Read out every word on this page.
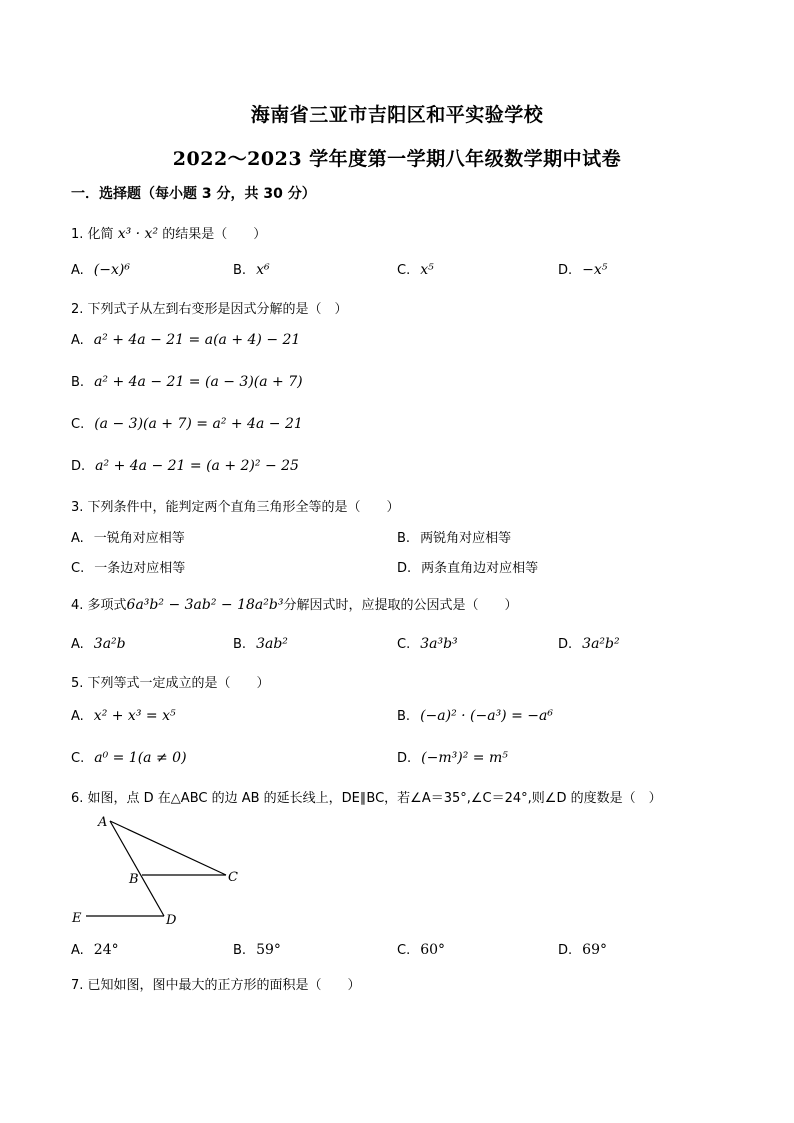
海南省三亚市吉阳区和平实验学校
2022～2023 学年度第一学期八年级数学期中试卷
一．选择题（每小题 3 分，共 30 分）
1. 化简 x³ · x² 的结果是（　　）
A. (−x)⁶	B. x⁶	C. x⁵	D. −x⁵
2. 下列式子从左到右变形是因式分解的是（　）
A. a² + 4a − 21 = a(a + 4) − 21
B. a² + 4a − 21 = (a − 3)(a + 7)
C. (a − 3)(a + 7) = a² + 4a − 21
D. a² + 4a − 21 = (a + 2)² − 25
3. 下列条件中，能判定两个直角三角形全等的是（　　）
A. 一锐角对应相等	B. 两锐角对应相等
C. 一条边对应相等	D. 两条直角边对应相等
4. 多项式6a³b² − 3ab² − 18a²b³分解因式时，应提取的公因式是（　　）
A. 3a²b	B. 3ab²	C. 3a³b³	D. 3a²b²
5. 下列等式一定成立的是（　　）
A. x² + x³ = x⁵	B. (−a)² · (−a³) = −a⁶
C. a⁰ = 1(a ≠ 0)	D. (−m³)² = m⁵
6. 如图，点 D 在△ABC 的边 AB 的延长线上，DE∥BC，若∠A＝35°,∠C＝24°,则∠D 的度数是（　）
A
B	C
E	D
A. 24°	B. 59°	C. 60°	D. 69°
7. 已知如图，图中最大的正方形的面积是（　　）
